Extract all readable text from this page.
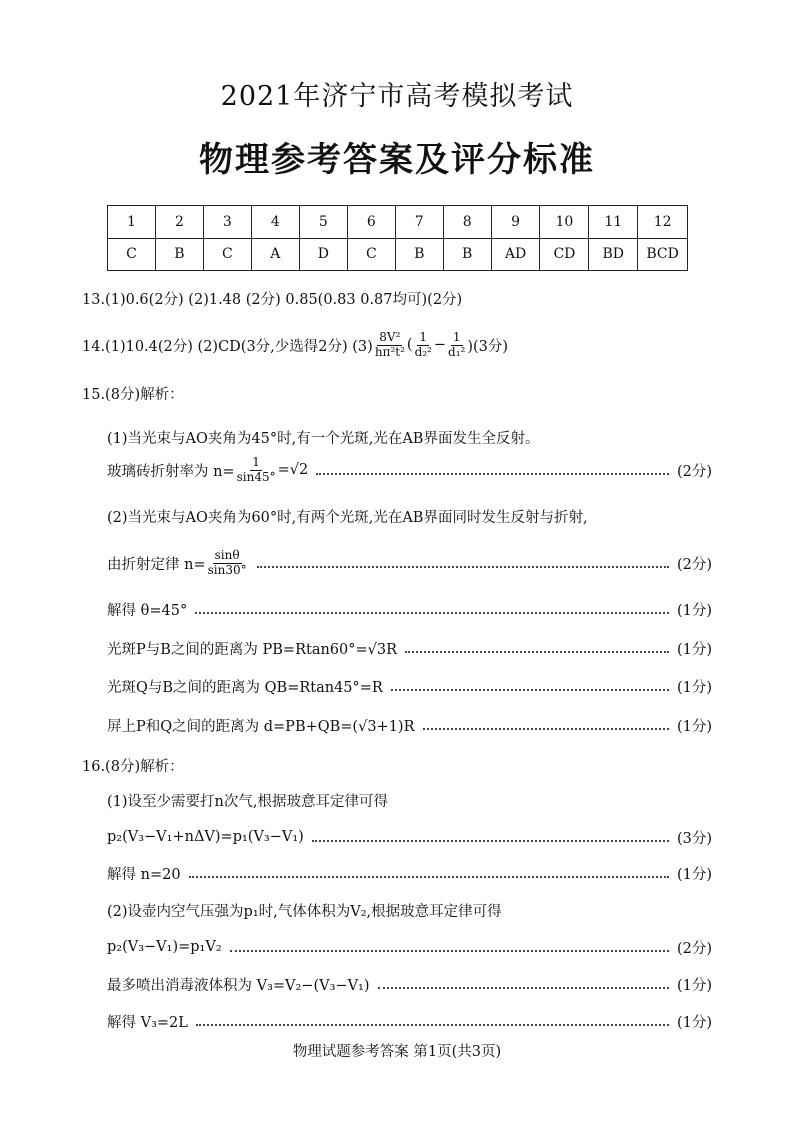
2021年济宁市高考模拟考试
物理参考答案及评分标准
1	2	3	4	5	6	7	8	9	10	11	12
C	B	C	A	D	C	B	B	AD	CD	BD	BCD
13.(1)0.6(2分) (2)1.48 (2分) 0.85(0.83 0.87均可)(2分)
14.(1)10.4(2分) (2)CD(3分,少选得2分) $(3) \frac{\text{8V²}}{\text{hπ²t²}}$ ( $\frac{1}{\text{d₂²}} - \frac{1}{\text{d₁²}} )(3$分)
15.(8分)解析：
(1)当光束与AO夹角为45°时,有一个光斑,光在AB界面发生全反射。
玻璃砖折射率为 $n= \frac{1}{\sin 45^\circ} =√2$	(2分)
(2)当光束与AO夹角为60°时,有两个光斑,光在AB界面同时发生反射与折射,
由折射定律 $n= \frac{\sin\theta}{\sin 30^\circ}$	(2分)
解得 θ=45°	(1分)
光斑P与B之间的距离为 PB=Rtan60°=√3R	(1分)
光斑Q与B之间的距离为 QB=Rtan45°=R	(1分)
屏上P和Q之间的距离为 d=PB+QB=(√3+1)R	(1分)
16.(8分)解析：
(1)设至少需要打n次气,根据玻意耳定律可得
p₂(V₃−V₁+nΔV)=p₁(V₃−V₁)	(3分)
解得 n=20	(1分)
(2)设壶内空气压强为p₁时,气体体积为V₂,根据玻意耳定律可得
p₂(V₃−V₁)=p₁V₂	(2分)
最多喷出消毒液体积为 V₃=V₂−(V₃−V₁)	(1分)
解得 V₃=2L	(1分)
物理试题参考答案 第1页(共3页)
